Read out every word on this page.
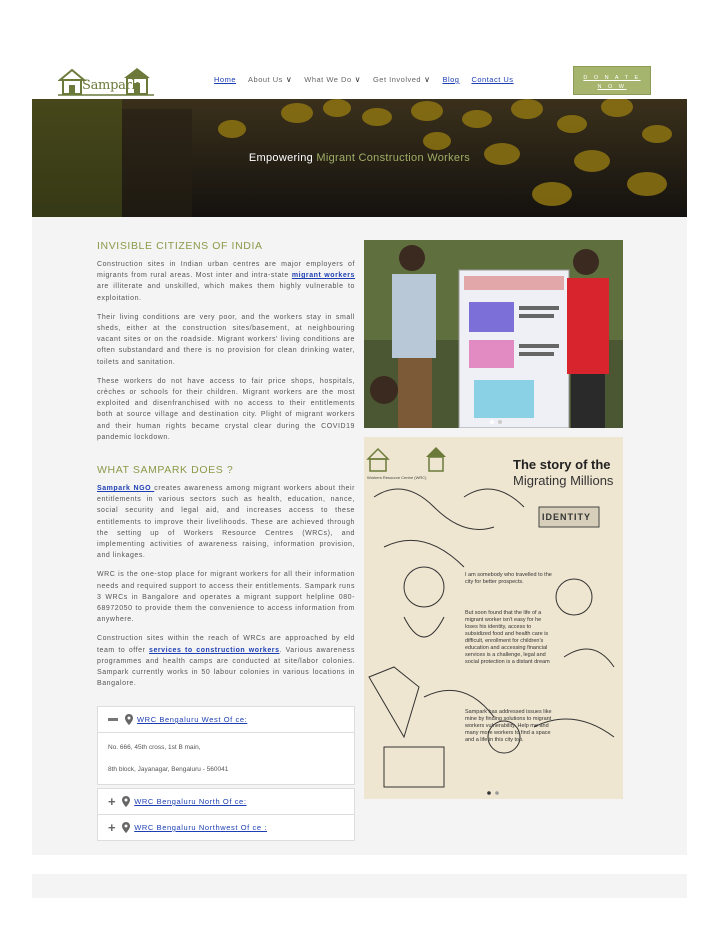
Sampark	Home About Us ∨ What We Do ∨ Get Involved ∨ Blog Contact Us	D O N A T E
N O W
Empowering Migrant Construction Workers
INVISIBLE CITIZENS OF INDIA

Construction sites in Indian urban centres are major employers of migrants from rural areas. Most inter and intra-state migrant workers are illiterate and unskilled, which makes them highly vulnerable to exploitation.

Their living conditions are very poor, and the workers stay in small sheds, either at the construction sites/basement, at neighbouring vacant sites or on the roadside. Migrant workers' living conditions are often substandard and there is no provision for clean drinking water, toilets and sanitation.

These workers do not have access to fair price shops, hospitals, crèches or schools for their children. Migrant workers are the most exploited and disenfranchised with no access to their entitlements both at source village and destination city. Plight of migrant workers and their human rights became crystal clear during the COVID19 pandemic lockdown.

WHAT SAMPARK DOES ?

Sampark NGO creates awareness among migrant workers about their entitlements in various sectors such as health, education, nance, social security and legal aid, and increases access to these entitlements to improve their livelihoods. These are achieved through the setting up of Workers Resource Centres (WRCs), and implementing activities of awareness raising, information provision, and linkages.

WRC is the one-stop place for migrant workers for all their information needs and required support to access their entitlements. Sampark runs 3 WRCs in Bangalore and operates a migrant support helpline 080-68972050 to provide them the convenience to access information from anywhere.

Construction sites within the reach of WRCs are approached by eld team to offer services to construction workers. Various awareness programmes and health camps are conducted at site/labor colonies. Sampark currently works in 50 labour colonies in various locations in Bangalore.

WRC Bengaluru West Of ce:
No. 666, 45th cross, 1st B main,
8th block, Jayanagar, Bengaluru - 560041
+ WRC Bengaluru North Of ce:
+ WRC Bengaluru Northwest Of ce :
The story of the
Migrating Millions
Workers Resource Centre (WRC)
IDENTITY
I am somebody who travelled to the city for better prospects.
But soon found that the life of a migrant worker isn't easy for he loses his identity, access to subsidized food and health care is difficult, enrollment for children's education and accessing financial services is a challenge, legal and social protection is a distant dream
Sampark has addressed issues like mine by finding solutions to migrant workers vulnerability. Help me and many more workers to find a space and a life in this city too.
